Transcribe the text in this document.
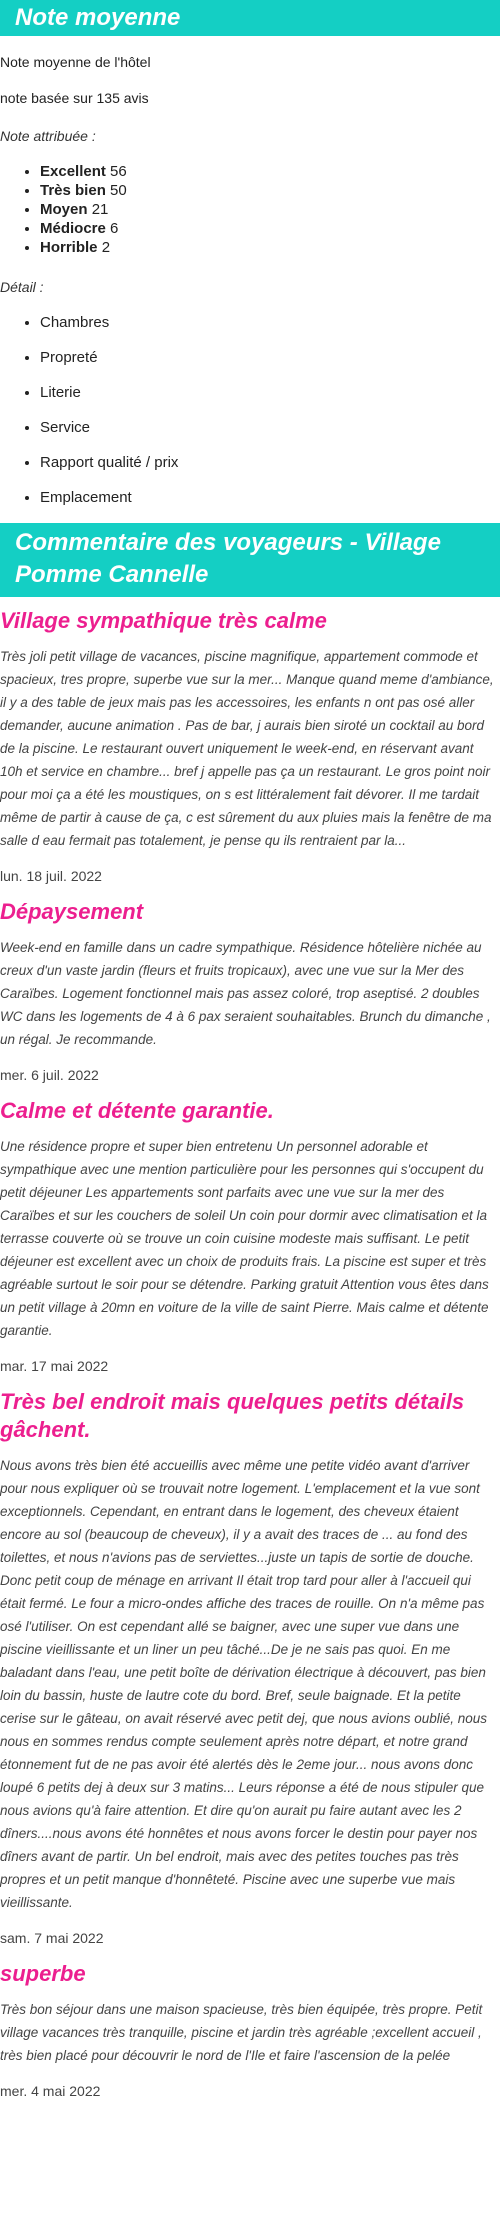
Note moyenne

Note moyenne de l'hôtel

note basée sur 135 avis

Note attribuée :

• Excellent 56
• Très bien 50
• Moyen 21
• Médiocre 6
• Horrible 2

Détail :

• Chambres
• Propreté
• Literie
• Service
• Rapport qualité / prix
• Emplacement
Commentaire des voyageurs - Village Pomme Cannelle
Village sympathique très calme

Très joli petit village de vacances, piscine magnifique, appartement commode et spacieux, tres propre, superbe vue sur la mer... Manque quand meme d'ambiance, il y a des table de jeux mais pas les accessoires, les enfants n ont pas osé aller demander, aucune animation . Pas de bar, j aurais bien siroté un cocktail au bord de la piscine. Le restaurant ouvert uniquement le week-end, en réservant avant 10h et service en chambre... bref j appelle pas ça un restaurant. Le gros point noir pour moi ça a été les moustiques, on s est littéralement fait dévorer. Il me tardait même de partir à cause de ça, c est sûrement du aux pluies mais la fenêtre de ma salle d eau fermait pas totalement, je pense qu ils rentraient par la...

lun. 18 juil. 2022

Dépaysement

Week-end en famille dans un cadre sympathique. Résidence hôtelière nichée au creux d'un vaste jardin (fleurs et fruits tropicaux), avec une vue sur la Mer des Caraïbes. Logement fonctionnel mais pas assez coloré, trop aseptisé. 2 doubles WC dans les logements de 4 à 6 pax seraient souhaitables. Brunch du dimanche , un régal. Je recommande.

mer. 6 juil. 2022

Calme et détente garantie.

Une résidence propre et super bien entretenu Un personnel adorable et sympathique avec une mention particulière pour les personnes qui s'occupent du petit déjeuner Les appartements sont parfaits avec une vue sur la mer des Caraïbes et sur les couchers de soleil Un coin pour dormir avec climatisation et la terrasse couverte où se trouve un coin cuisine modeste mais suffisant. Le petit déjeuner est excellent avec un choix de produits frais. La piscine est super et très agréable surtout le soir pour se détendre. Parking gratuit Attention vous êtes dans un petit village à 20mn en voiture de la ville de saint Pierre. Mais calme et détente garantie.

mar. 17 mai 2022

Très bel endroit mais quelques petits détails gâchent.

Nous avons très bien été accueillis avec même une petite vidéo avant d'arriver pour nous expliquer où se trouvait notre logement. L'emplacement et la vue sont exceptionnels. Cependant, en entrant dans le logement, des cheveux étaient encore au sol (beaucoup de cheveux), il y a avait des traces de ... au fond des toilettes, et nous n'avions pas de serviettes...juste un tapis de sortie de douche. Donc petit coup de ménage en arrivant Il était trop tard pour aller à l'accueil qui était fermé. Le four a micro-ondes affiche des traces de rouille. On n'a même pas osé l'utiliser. On est cependant allé se baigner, avec une super vue dans une piscine vieillissante et un liner un peu tâché...De je ne sais pas quoi. En me baladant dans l'eau, une petit boîte de dérivation électrique à découvert, pas bien loin du bassin, huste de lautre cote du bord. Bref, seule baignade. Et la petite cerise sur le gâteau, on avait réservé avec petit dej, que nous avions oublié, nous nous en sommes rendus compte seulement après notre départ, et notre grand étonnement fut de ne pas avoir été alertés dès le 2eme jour... nous avons donc loupé 6 petits dej à deux sur 3 matins... Leurs réponse a été de nous stipuler que nous avions qu'à faire attention. Et dire qu'on aurait pu faire autant avec les 2 dîners....nous avons été honnêtes et nous avons forcer le destin pour payer nos dîners avant de partir. Un bel endroit, mais avec des petites touches pas très propres et un petit manque d'honnêteté. Piscine avec une superbe vue mais vieillissante.

sam. 7 mai 2022

superbe

Très bon séjour dans une maison spacieuse, très bien équipée, très propre. Petit village vacances très tranquille, piscine et jardin très agréable ;excellent accueil , très bien placé pour découvrir le nord de l'Ile et faire l'ascension de la pelée

mer. 4 mai 2022
